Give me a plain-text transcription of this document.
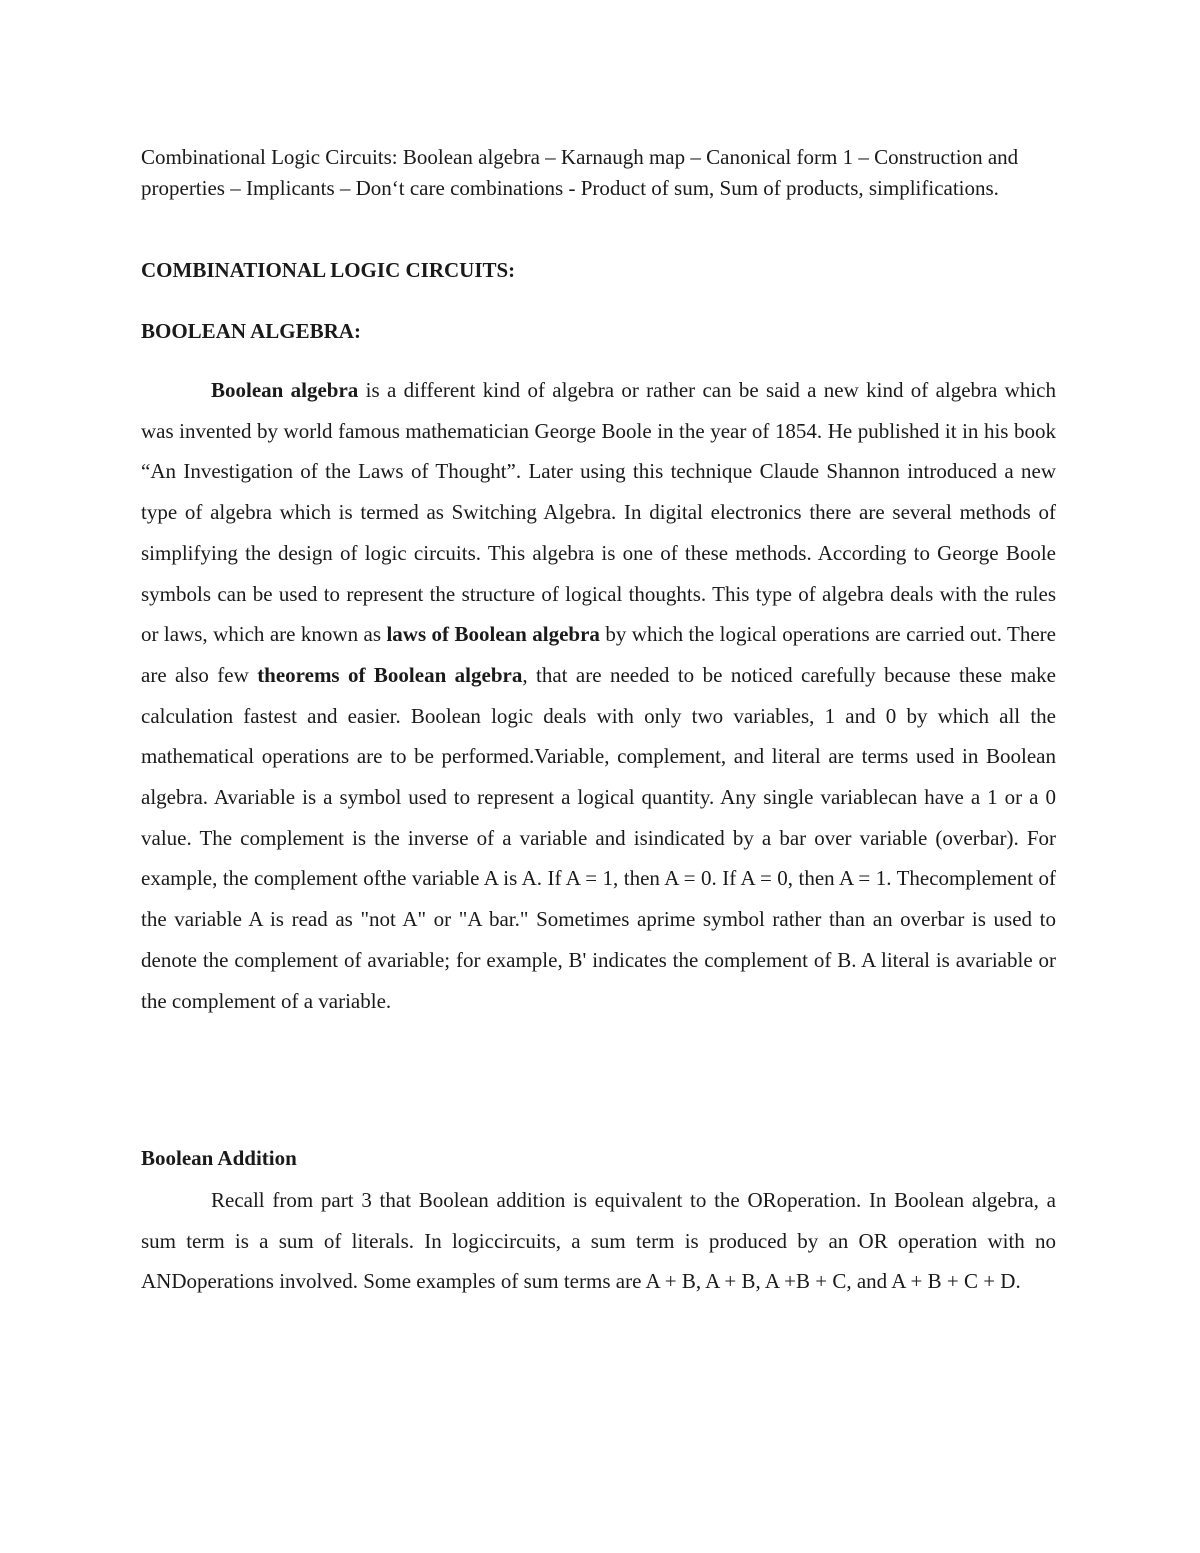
Combinational Logic Circuits: Boolean algebra – Karnaugh map – Canonical form 1 – Construction and properties – Implicants – Don‘t care combinations - Product of sum, Sum of products, simplifications.

COMBINATIONAL LOGIC CIRCUITS:

BOOLEAN ALGEBRA:

Boolean algebra is a different kind of algebra or rather can be said a new kind of algebra which was invented by world famous mathematician George Boole in the year of 1854. He published it in his book “An Investigation of the Laws of Thought”. Later using this technique Claude Shannon introduced a new type of algebra which is termed as Switching Algebra. In digital electronics there are several methods of simplifying the design of logic circuits. This algebra is one of these methods. According to George Boole symbols can be used to represent the structure of logical thoughts. This type of algebra deals with the rules or laws, which are known as laws of Boolean algebra by which the logical operations are carried out. There are also few theorems of Boolean algebra, that are needed to be noticed carefully because these make calculation fastest and easier. Boolean logic deals with only two variables, 1 and 0 by which all the mathematical operations are to be performed.Variable, complement, and literal are terms used in Boolean algebra. Avariable is a symbol used to represent a logical quantity. Any single variablecan have a 1 or a 0 value. The complement is the inverse of a variable and isindicated by a bar over variable (overbar). For example, the complement ofthe variable A is A. If A = 1, then A = 0. If A = 0, then A = 1. Thecomplement of the variable A is read as "not A" or "A bar." Sometimes aprime symbol rather than an overbar is used to denote the complement of avariable; for example, B' indicates the complement of B. A literal is avariable or the complement of a variable.

Boolean Addition

Recall from part 3 that Boolean addition is equivalent to the ORoperation. In Boolean algebra, a sum term is a sum of literals. In logiccircuits, a sum term is produced by an OR operation with no ANDoperations involved. Some examples of sum terms are A + B, A + B, A +B + C, and A + B + C + D.
